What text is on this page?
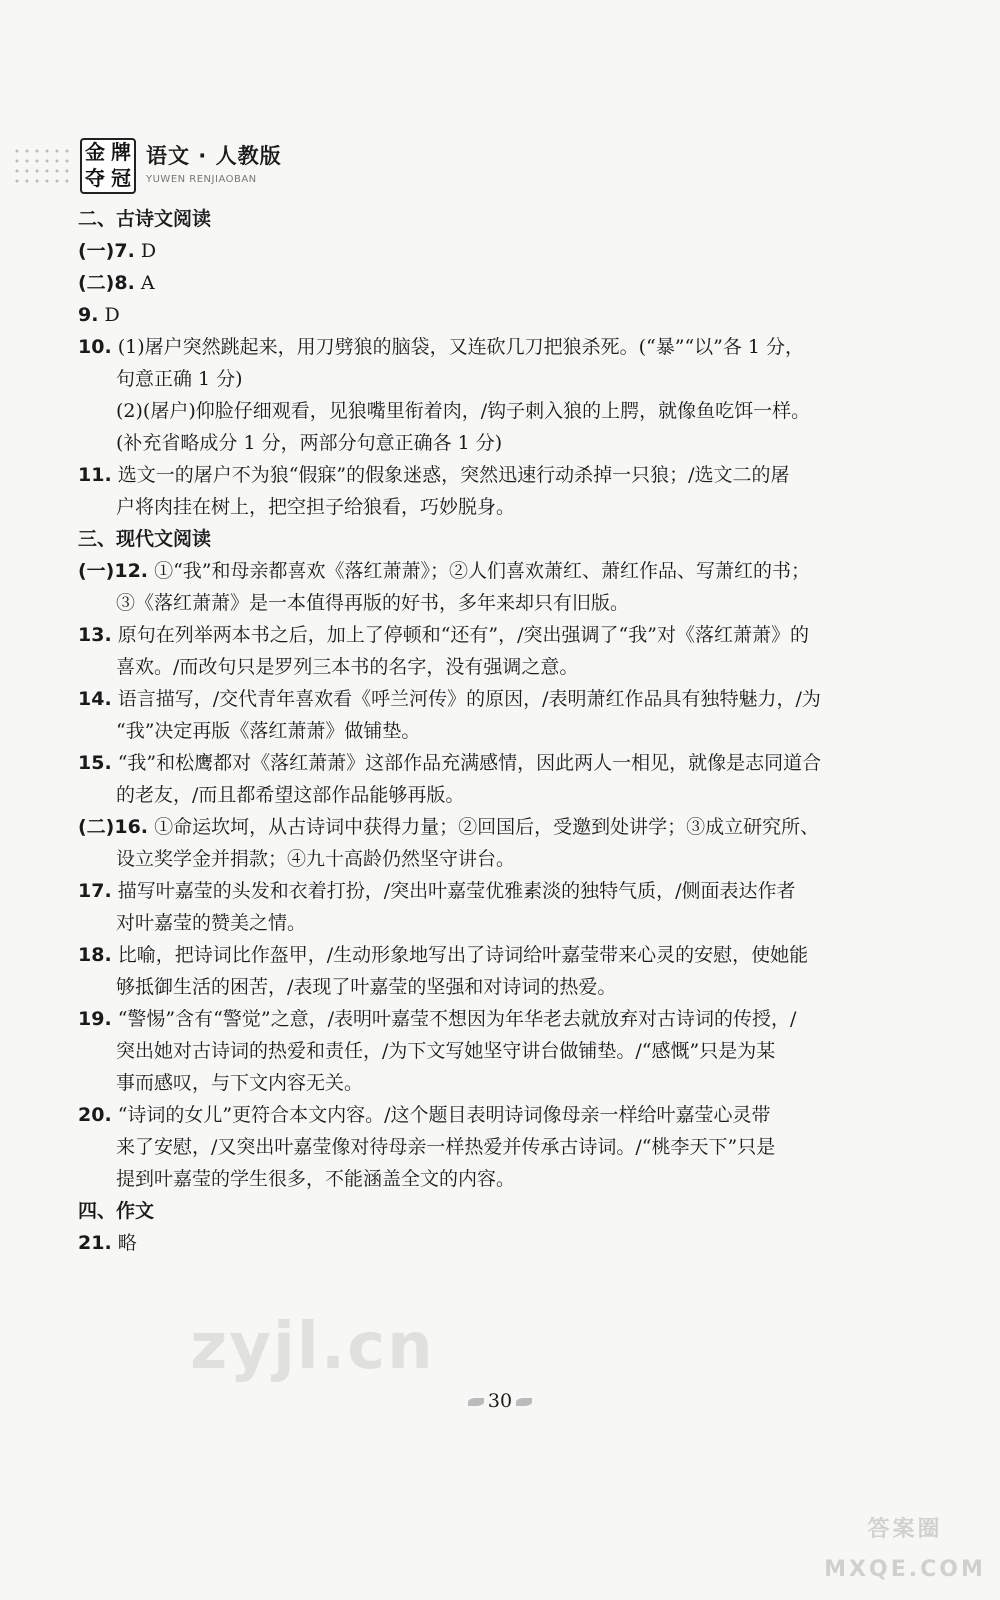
金 牌
夺 冠
语文 · 人教版
YUWEN RENJIAOBAN
二、古诗文阅读
(一)7. D
(二)8. A
9. D
10. (1)屠户突然跳起来，用刀劈狼的脑袋，又连砍几刀把狼杀死。(“暴”“以”各 1 分，
句意正确 1 分)
(2)(屠户)仰脸仔细观看，见狼嘴里衔着肉，/钩子刺入狼的上腭，就像鱼吃饵一样。
(补充省略成分 1 分，两部分句意正确各 1 分)
11. 选文一的屠户不为狼“假寐”的假象迷惑，突然迅速行动杀掉一只狼；/选文二的屠
户将肉挂在树上，把空担子给狼看，巧妙脱身。
三、现代文阅读
(一)12. ①“我”和母亲都喜欢《落红萧萧》；②人们喜欢萧红、萧红作品、写萧红的书；
③《落红萧萧》是一本值得再版的好书，多年来却只有旧版。
13. 原句在列举两本书之后，加上了停顿和“还有”，/突出强调了“我”对《落红萧萧》的
喜欢。/而改句只是罗列三本书的名字，没有强调之意。
14. 语言描写，/交代青年喜欢看《呼兰河传》的原因，/表明萧红作品具有独特魅力，/为
“我”决定再版《落红萧萧》做铺垫。
15. “我”和松鹰都对《落红萧萧》这部作品充满感情，因此两人一相见，就像是志同道合
的老友，/而且都希望这部作品能够再版。
(二)16. ①命运坎坷，从古诗词中获得力量；②回国后，受邀到处讲学；③成立研究所、
设立奖学金并捐款；④九十高龄仍然坚守讲台。
17. 描写叶嘉莹的头发和衣着打扮，/突出叶嘉莹优雅素淡的独特气质，/侧面表达作者
对叶嘉莹的赞美之情。
18. 比喻，把诗词比作盔甲，/生动形象地写出了诗词给叶嘉莹带来心灵的安慰，使她能
够抵御生活的困苦，/表现了叶嘉莹的坚强和对诗词的热爱。
19. “警惕”含有“警觉”之意，/表明叶嘉莹不想因为年华老去就放弃对古诗词的传授，/
突出她对古诗词的热爱和责任，/为下文写她坚守讲台做铺垫。/“感慨”只是为某
事而感叹，与下文内容无关。
20. “诗词的女儿”更符合本文内容。/这个题目表明诗词像母亲一样给叶嘉莹心灵带
来了安慰，/又突出叶嘉莹像对待母亲一样热爱并传承古诗词。/“桃李天下”只是
提到叶嘉莹的学生很多，不能涵盖全文的内容。
四、作文
21. 略
zyjl.cn
30
答案圈 MXQE.COM
